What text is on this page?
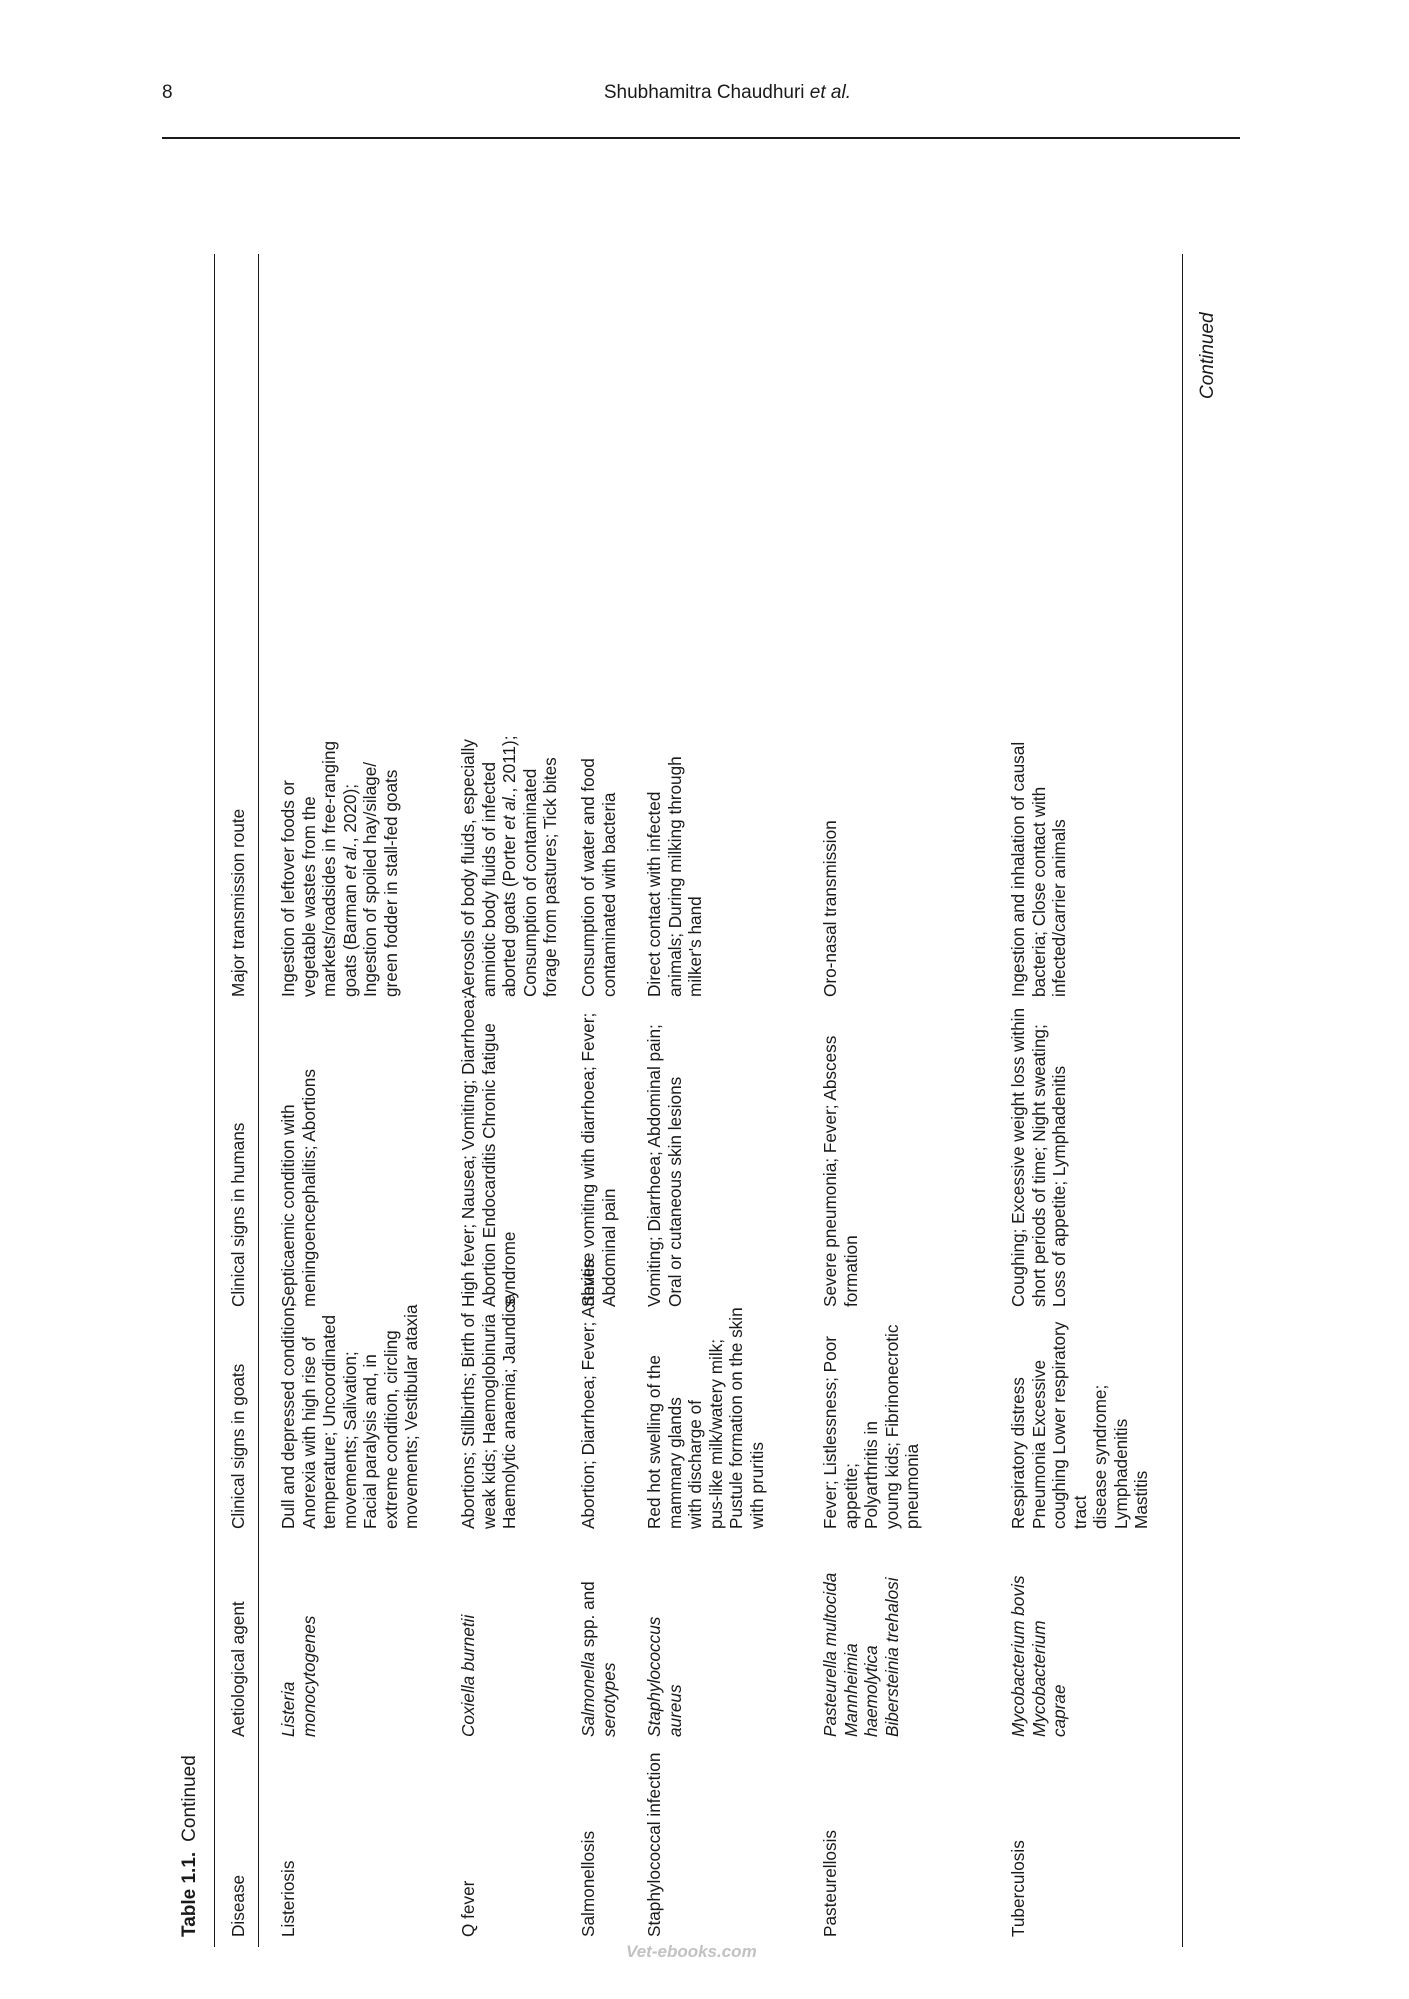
8	Shubhamitra Chaudhuri et al.
Table 1.1.Continued
Disease
Aetiological agent
Clinical signs in goats
Clinical signs in humans
Major transmission route
Listeriosis
Listeria monocytogenes
Dull and depressed condition; Anorexia with high rise of temperature; Uncoordinated movements; Salivation; Facial paralysis and, in extreme condition, circling movements; Vestibular ataxia
Septicaemic condition with meningoencephalitis; Abortions
Ingestion of leftover foods or vegetable wastes from the markets/roadsides in free-ranging goats (Barman et al., 2020); Ingestion of spoiled hay/silage/ green fodder in stall-fed goats
Q fever
Coxiella burnetii
Abortions; Stillbirths; Birth of weak kids; Haemoglobinuria Haemolytic anaemia; Jaundice
High fever; Nausea; Vomiting; Diarrhoea; Abortion Endocarditis Chronic fatigue syndrome
Aerosols of body fluids, especially amniotic body fluids of infected aborted goats (Porter et al., 2011);
Consumption of contaminated forage from pastures; Tick bites
Salmonellosis
Salmonella spp. and
serotypes
Abortion; Diarrhoea; Fever; Arthritis
Severe vomiting with diarrhoea; Fever; Abdominal pain
Consumption of water and food contaminated with bacteria
Staphylococcal infection
Staphylococcus aureus
Red hot swelling of the mammary glands with discharge of pus-like milk/watery milk; Pustule formation on the skin with pruritis
Vomiting; Diarrhoea; Abdominal pain; Oral or cutaneous skin lesions
Direct contact with infected animals; During milking through milker's hand
Pasteurellosis
Pasteurella multocida Mannheimia haemolytica Bibersteinia trehalosi
Fever; Listlessness; Poor appetite; Polyarthritis in young kids; Fibrinonecrotic pneumonia
Severe pneumonia; Fever; Abscess formation
Oro-nasal transmission
Tuberculosis
Mycobacterium bovis Mycobacterium caprae
Respiratory distress Pneumonia Excessive coughing Lower respiratory tract disease syndrome; Lymphadenitis Mastitis
Coughing; Excessive weight loss within short periods of time; Night sweating; Loss of appetite; Lymphadenitis
Ingestion and inhalation of causal bacteria; Close contact with infected/carrier animals
Continued
Vet-ebooks.com
